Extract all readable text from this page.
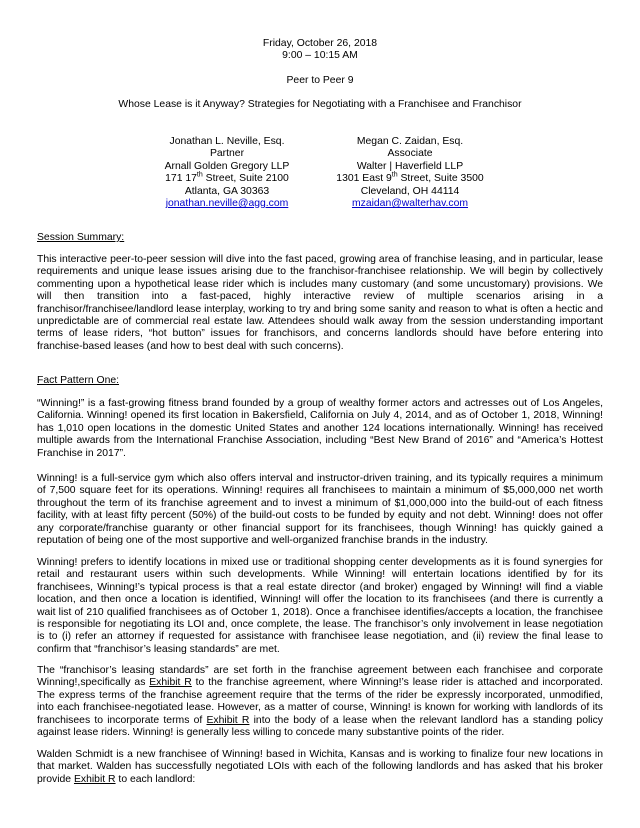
Friday, October 26, 2018
9:00 – 10:15 AM
Peer to Peer 9
Whose Lease is it Anyway? Strategies for Negotiating with a Franchisee and Franchisor
Jonathan L. Neville, Esq.
Partner
Arnall Golden Gregory LLP
171 17th Street, Suite 2100
Atlanta, GA 30363
jonathan.neville@agg.com
Megan C. Zaidan, Esq.
Associate
Walter | Haverfield LLP
1301 East 9th Street, Suite 3500
Cleveland, OH 44114
mzaidan@walterhav.com
Session Summary:

This interactive peer-to-peer session will dive into the fast paced, growing area of franchise leasing, and in particular, lease requirements and unique lease issues arising due to the franchisor-franchisee relationship. We will begin by collectively commenting upon a hypothetical lease rider which is includes many customary (and some uncustomary) provisions. We will then transition into a fast-paced, highly interactive review of multiple scenarios arising in a franchisor/franchisee/landlord lease interplay, working to try and bring some sanity and reason to what is often a hectic and unpredictable are of commercial real estate law. Attendees should walk away from the session understanding important terms of lease riders, “hot button” issues for franchisors, and concerns landlords should have before entering into franchise-based leases (and how to best deal with such concerns).

Fact Pattern One:

“Winning!” is a fast-growing fitness brand founded by a group of wealthy former actors and actresses out of Los Angeles, California. Winning! opened its first location in Bakersfield, California on July 4, 2014, and as of October 1, 2018, Winning! has 1,010 open locations in the domestic United States and another 124 locations internationally. Winning! has received multiple awards from the International Franchise Association, including “Best New Brand of 2016” and “America’s Hottest Franchise in 2017”.

Winning! is a full-service gym which also offers interval and instructor-driven training, and its typically requires a minimum of 7,500 square feet for its operations. Winning! requires all franchisees to maintain a minimum of $5,000,000 net worth throughout the term of its franchise agreement and to invest a minimum of $1,000,000 into the build-out of each fitness facility, with at least fifty percent (50%) of the build-out costs to be funded by equity and not debt. Winning! does not offer any corporate/franchise guaranty or other financial support for its franchisees, though Winning! has quickly gained a reputation of being one of the most supportive and well-organized franchise brands in the industry.

Winning! prefers to identify locations in mixed use or traditional shopping center developments as it is found synergies for retail and restaurant users within such developments. While Winning! will entertain locations identified by for its franchisees, Winning!’s typical process is that a real estate director (and broker) engaged by Winning! will find a viable location, and then once a location is identified, Winning! will offer the location to its franchisees (and there is currently a wait list of 210 qualified franchisees as of October 1, 2018). Once a franchisee identifies/accepts a location, the franchisee is responsible for negotiating its LOI and, once complete, the lease. The franchisor’s only involvement in lease negotiation is to (i) refer an attorney if requested for assistance with franchisee lease negotiation, and (ii) review the final lease to confirm that “franchisor’s leasing standards” are met.

The “franchisor’s leasing standards” are set forth in the franchise agreement between each franchisee and corporate Winning!,specifically as Exhibit R to the franchise agreement, where Winning!’s lease rider is attached and incorporated. The express terms of the franchise agreement require that the terms of the rider be expressly incorporated, unmodified, into each franchisee-negotiated lease. However, as a matter of course, Winning! is known for working with landlords of its franchisees to incorporate terms of Exhibit R into the body of a lease when the relevant landlord has a standing policy against lease riders. Winning! is generally less willing to concede many substantive points of the rider.

Walden Schmidt is a new franchisee of Winning! based in Wichita, Kansas and is working to finalize four new locations in that market. Walden has successfully negotiated LOIs with each of the following landlords and has asked that his broker provide Exhibit R to each landlord:
